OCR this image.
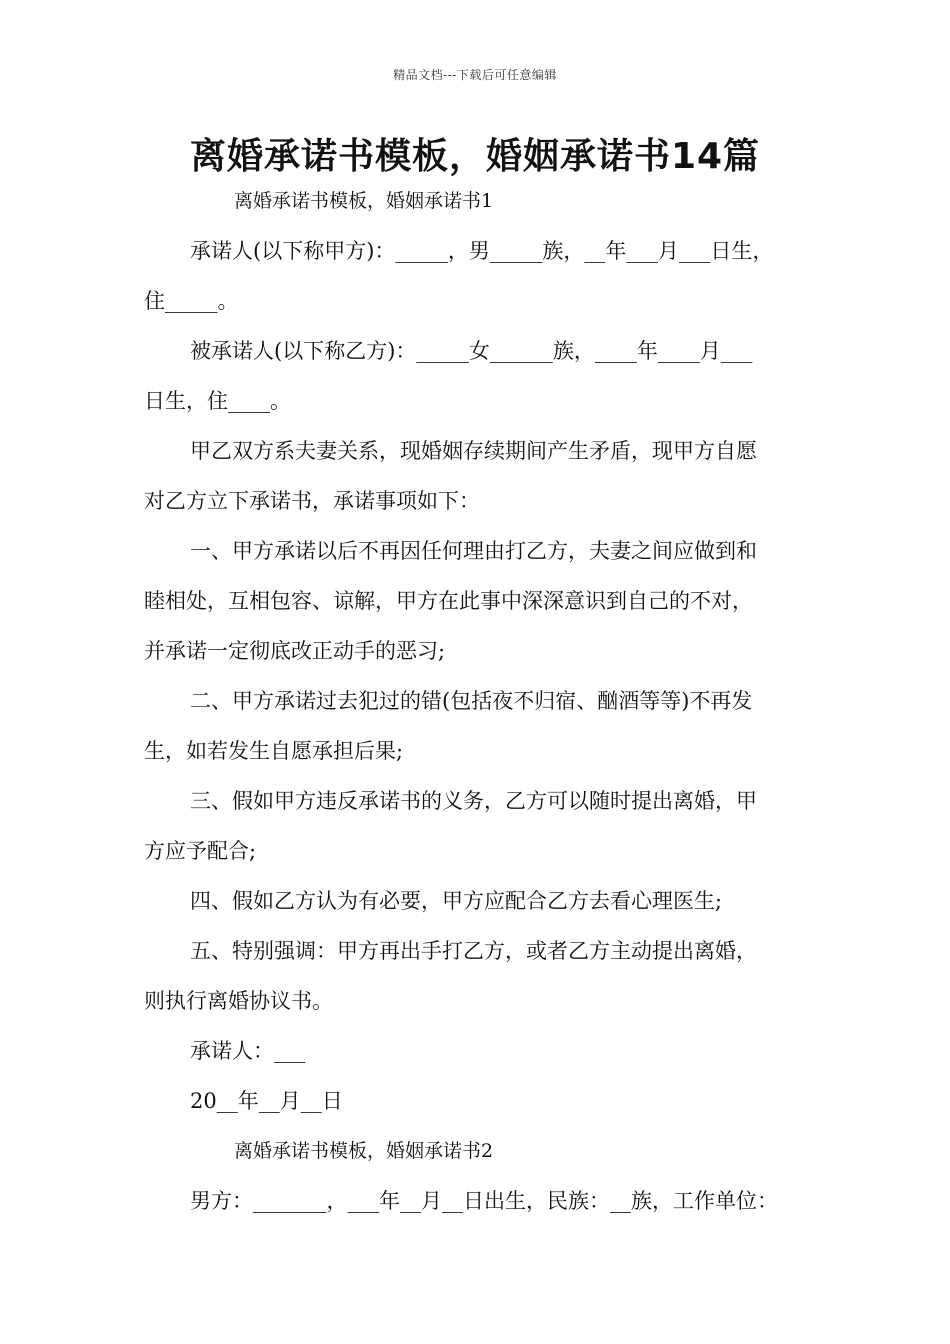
精品文档---下载后可任意编辑
离婚承诺书模板，婚姻承诺书14篇
离婚承诺书模板，婚姻承诺书1
承诺人(以下称甲方)：_____，男_____族，__年___月___日生，
住_____。
被承诺人(以下称乙方)：_____女______族，____年____月___
日生，住____。
甲乙双方系夫妻关系，现婚姻存续期间产生矛盾，现甲方自愿
对乙方立下承诺书，承诺事项如下：
一、甲方承诺以后不再因任何理由打乙方，夫妻之间应做到和
睦相处，互相包容、谅解，甲方在此事中深深意识到自己的不对，
并承诺一定彻底改正动手的恶习;
二、甲方承诺过去犯过的错(包括夜不归宿、酗酒等等)不再发
生，如若发生自愿承担后果;
三、假如甲方违反承诺书的义务，乙方可以随时提出离婚，甲
方应予配合;
四、假如乙方认为有必要，甲方应配合乙方去看心理医生;
五、特别强调：甲方再出手打乙方，或者乙方主动提出离婚，
则执行离婚协议书。
承诺人：___
20__年__月__日
离婚承诺书模板，婚姻承诺书2
男方：_______，___年__月__日出生，民族：__族，工作单位：
